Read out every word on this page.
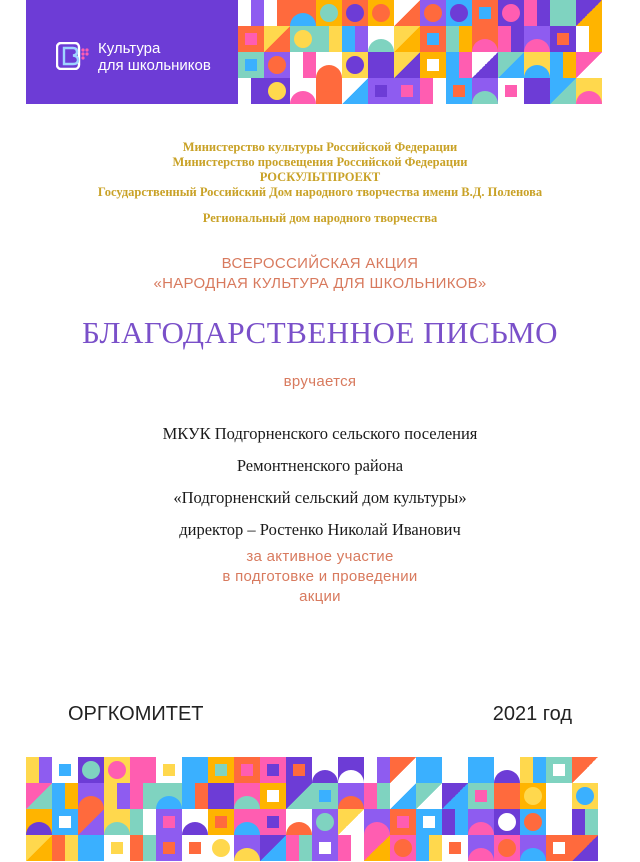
Культура
для школьников
Министерство культуры Российской Федерации
Министерство просвещения Российской Федерации
РОСКУЛЬТПРОЕКТ
Государственный Российский Дом народного творчества имени В.Д. Поленова
Региональный дом народного творчества
ВСЕРОССИЙСКАЯ АКЦИЯ
«НАРОДНАЯ КУЛЬТУРА ДЛЯ ШКОЛЬНИКОВ»
БЛАГОДАРСТВЕННОЕ ПИСЬМО
вручается
МКУК Подгорненского сельского поселения
Ремонтненского района
«Подгорненский сельский дом культуры»
директор – Ростенко Николай Иванович
за активное участие
в подготовке и проведении
акции
ОРГКОМИТЕТ	2021 год
